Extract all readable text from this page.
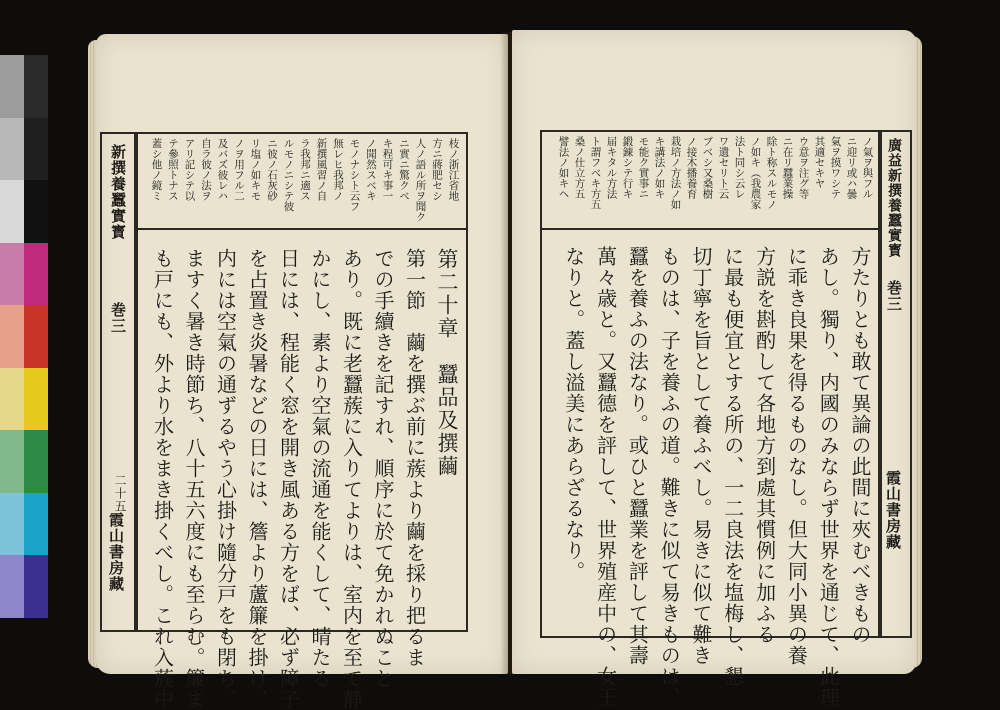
枝ノ浙江省地
方ニ蔣肥セシ
人ノ語ル所ヲ聞ク
ニ實ニ驚クベ
キ程可キ事一
ノ聞然スベキ
モノナシト云フ
無レヒ我邦ノ
新撰風習ノ自
ラ我邦ニ適ス
ルモノニシテ彼
ニ彼ノ石灰砂
リ塩ノ如キモ
ノヲ用フル二
及バズ彼レハ
自ラ彼ノ法ヲ
アリ記シテ以
テ參照トナス
蓋シ他ノ鏡ミ
新撰養蠶實寳
巻三
二十五
霞山書房藏
第二十章　蠶品及撰繭
第一節　繭を撰ぶ前に蔟より繭を採り把るま
での手續きを記すれ、順序に於て免かれぬこと
あり。既に老蠶蔟に入りてよりは、室内を至て静
かにし、素より空氣の流通を能くして、晴たる
日には、程能く窓を開き風ある方をば、必ず障子
を占置き炎暑などの日には、簷より蘆簾を掛け、
内には空氣の通ずるやう心掛け隨分戸をも閉ち、
ますく暑き時節ち、八十五六度にも至らむ。簾ま
も戸にも、外より水をまき掛くべし。これ入蔟中
ノ氣ヲ與フル
ニ迎リ或ハ曇
氣ヲ摸ワシテ
其適セキヤ
ウ意ヲ注グ等
ニ在リ蠶業操
除ト称スルモノ
ノ如キ（我農家
法ト同シ云レ
ワ遺セリト云
ブベシ又桑樹
ノ接木播養育
栽培ノ方法ノ如
キ講法ノ如キ
モ能ク實事ニ
鍛錬シテ行キ
届キタル方法
ト謂フベキ方五
桑ノ仕立方五
譬法ノ如キヘ	廣益新撰養蠶實寳
巻三
霞山書房藏
方たりとも敢て異論の此間に夾むべきもの
あし。獨り、内國のみならず世界を通じて、此理
に乖き良果を得るものなし。但大同小異の養
方説を斟酌して各地方到處其慣例に加ふる
に最も便宜とする所の、一二良法を塩梅し、懇
切丁寧を旨として養ふべし。易きに似て難き
ものは、子を養ふの道。難きに似て易きものは、
蠶を養ふの法なり。或ひと蠶業を評して其壽
萬々歳と。又蠶德を評して、世界殖産中の、女王
なりと。蓋し溢美にあらざるなり。
